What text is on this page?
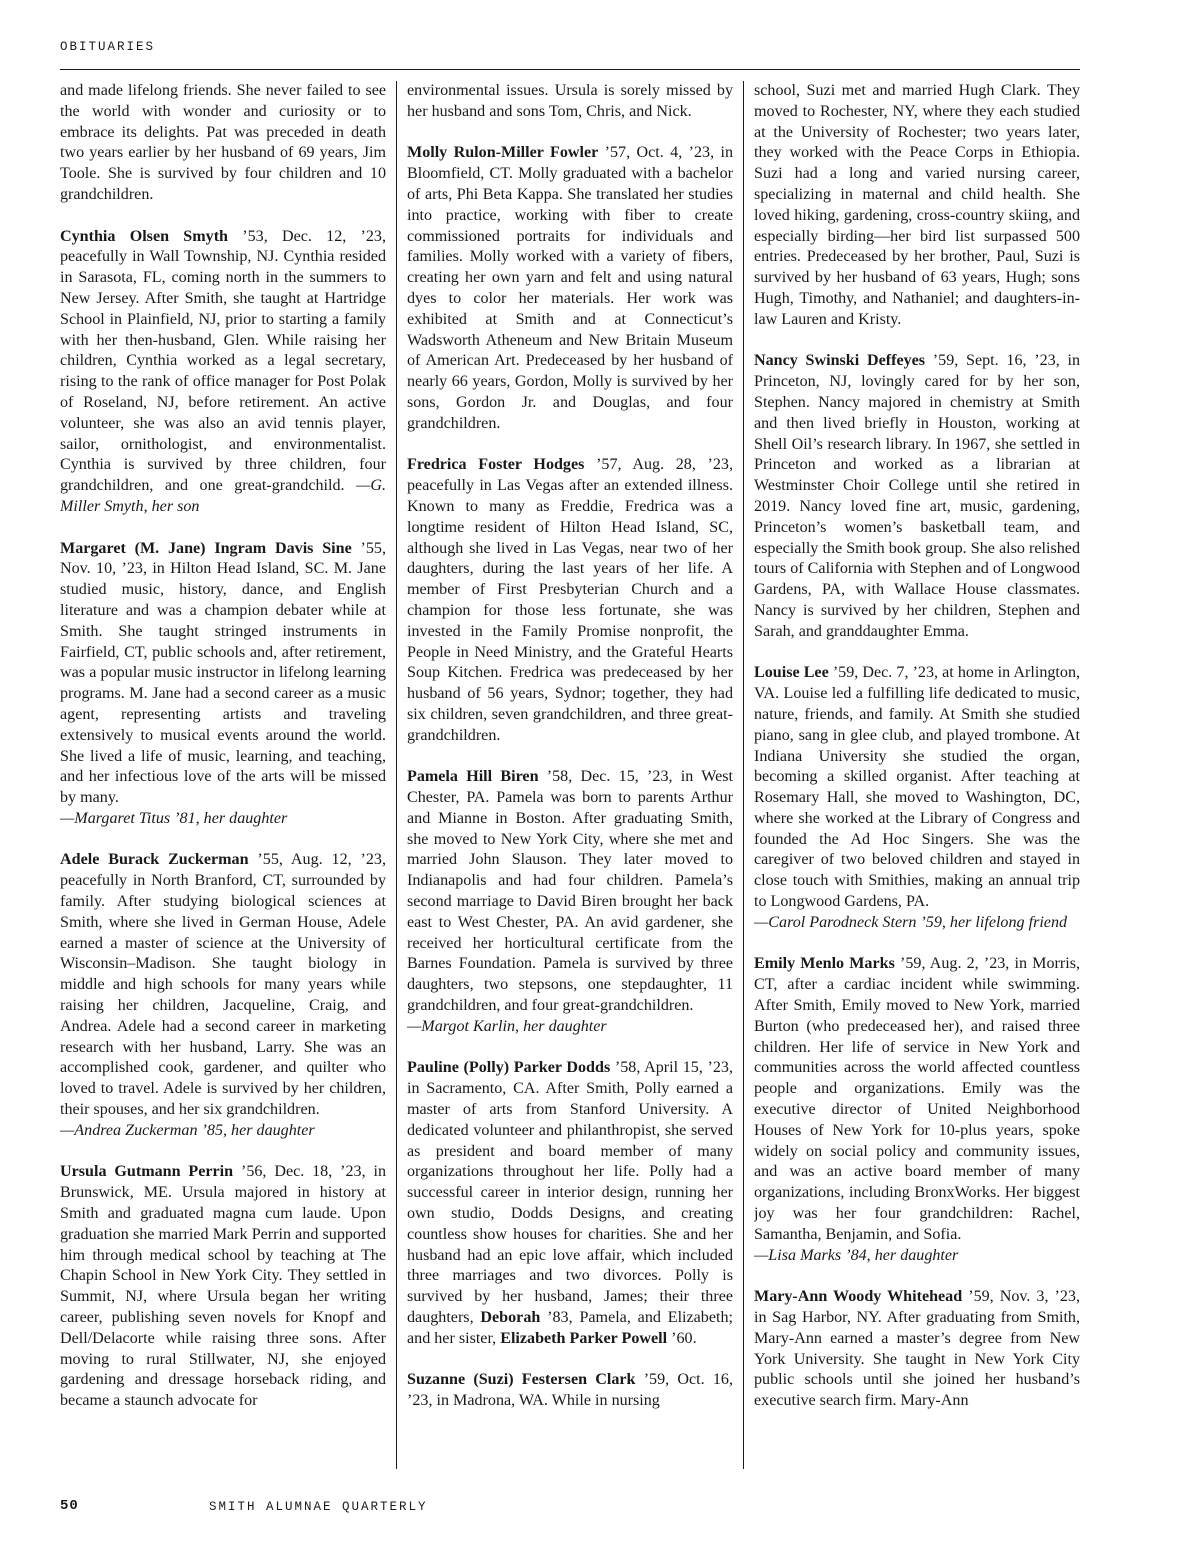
OBITUARIES

and made lifelong friends. She never failed to see the world with wonder and curiosity or to embrace its delights. Pat was preceded in death two years earlier by her husband of 69 years, Jim Toole. She is survived by four children and 10 grandchildren.

Cynthia Olsen Smyth ’53, Dec. 12, ’23, peacefully in Wall Township, NJ. Cynthia resided in Sarasota, FL, coming north in the summers to New Jersey. After Smith, she taught at Hartridge School in Plainfield, NJ, prior to starting a family with her then-husband, Glen. While raising her children, Cynthia worked as a legal secretary, rising to the rank of office manager for Post Polak of Roseland, NJ, before retirement. An active volunteer, she was also an avid tennis player, sailor, ornithologist, and environmentalist. Cynthia is survived by three children, four grandchildren, and one great-grandchild. —G. Miller Smyth, her son

Margaret (M. Jane) Ingram Davis Sine ’55, Nov. 10, ’23, in Hilton Head Island, SC. M. Jane studied music, history, dance, and English literature and was a champion debater while at Smith. She taught stringed instruments in Fairfield, CT, public schools and, after retirement, was a popular music instructor in lifelong learning programs. M. Jane had a second career as a music agent, representing artists and traveling extensively to musical events around the world. She lived a life of music, learning, and teaching, and her infectious love of the arts will be missed by many.
—Margaret Titus ’81, her daughter

Adele Burack Zuckerman ’55, Aug. 12, ’23, peacefully in North Branford, CT, surrounded by family. After studying biological sciences at Smith, where she lived in German House, Adele earned a master of science at the University of Wisconsin–Madison. She taught biology in middle and high schools for many years while raising her children, Jacqueline, Craig, and Andrea. Adele had a second career in marketing research with her husband, Larry. She was an accomplished cook, gardener, and quilter who loved to travel. Adele is survived by her children, their spouses, and her six grandchildren.
—Andrea Zuckerman ’85, her daughter

Ursula Gutmann Perrin ’56, Dec. 18, ’23, in Brunswick, ME. Ursula majored in history at Smith and graduated magna cum laude. Upon graduation she married Mark Perrin and supported him through medical school by teaching at The Chapin School in New York City. They settled in Summit, NJ, where Ursula began her writing career, publishing seven novels for Knopf and Dell/Delacorte while raising three sons. After moving to rural Stillwater, NJ, she enjoyed gardening and dressage horseback riding, and became a staunch advocate for

environmental issues. Ursula is sorely missed by her husband and sons Tom, Chris, and Nick.

Molly Rulon-Miller Fowler ’57, Oct. 4, ’23, in Bloomfield, CT. Molly graduated with a bachelor of arts, Phi Beta Kappa. She translated her studies into practice, working with fiber to create commissioned portraits for individuals and families. Molly worked with a variety of fibers, creating her own yarn and felt and using natural dyes to color her materials. Her work was exhibited at Smith and at Connecticut’s Wadsworth Atheneum and New Britain Museum of American Art. Predeceased by her husband of nearly 66 years, Gordon, Molly is survived by her sons, Gordon Jr. and Douglas, and four grandchildren.

Fredrica Foster Hodges ’57, Aug. 28, ’23, peacefully in Las Vegas after an extended illness. Known to many as Freddie, Fredrica was a longtime resident of Hilton Head Island, SC, although she lived in Las Vegas, near two of her daughters, during the last years of her life. A member of First Presbyterian Church and a champion for those less fortunate, she was invested in the Family Promise nonprofit, the People in Need Ministry, and the Grateful Hearts Soup Kitchen. Fredrica was predeceased by her husband of 56 years, Sydnor; together, they had six children, seven grandchildren, and three great-grandchildren.

Pamela Hill Biren ’58, Dec. 15, ’23, in West Chester, PA. Pamela was born to parents Arthur and Mianne in Boston. After graduating Smith, she moved to New York City, where she met and married John Slauson. They later moved to Indianapolis and had four children. Pamela’s second marriage to David Biren brought her back east to West Chester, PA. An avid gardener, she received her horticultural certificate from the Barnes Foundation. Pamela is survived by three daughters, two stepsons, one stepdaughter, 11 grandchildren, and four great-grandchildren.
—Margot Karlin, her daughter

Pauline (Polly) Parker Dodds ’58, April 15, ’23, in Sacramento, CA. After Smith, Polly earned a master of arts from Stanford University. A dedicated volunteer and philanthropist, she served as president and board member of many organizations throughout her life. Polly had a successful career in interior design, running her own studio, Dodds Designs, and creating countless show houses for charities. She and her husband had an epic love affair, which included three marriages and two divorces. Polly is survived by her husband, James; their three daughters, Deborah ’83, Pamela, and Elizabeth; and her sister, Elizabeth Parker Powell ’60.

Suzanne (Suzi) Festersen Clark ’59, Oct. 16, ’23, in Madrona, WA. While in nursing

school, Suzi met and married Hugh Clark. They moved to Rochester, NY, where they each studied at the University of Rochester; two years later, they worked with the Peace Corps in Ethiopia. Suzi had a long and varied nursing career, specializing in maternal and child health. She loved hiking, gardening, cross-country skiing, and especially birding—her bird list surpassed 500 entries. Predeceased by her brother, Paul, Suzi is survived by her husband of 63 years, Hugh; sons Hugh, Timothy, and Nathaniel; and daughters-in-law Lauren and Kristy.

Nancy Swinski Deffeyes ’59, Sept. 16, ’23, in Princeton, NJ, lovingly cared for by her son, Stephen. Nancy majored in chemistry at Smith and then lived briefly in Houston, working at Shell Oil’s research library. In 1967, she settled in Princeton and worked as a librarian at Westminster Choir College until she retired in 2019. Nancy loved fine art, music, gardening, Princeton’s women’s basketball team, and especially the Smith book group. She also relished tours of California with Stephen and of Longwood Gardens, PA, with Wallace House classmates. Nancy is survived by her children, Stephen and Sarah, and granddaughter Emma.

Louise Lee ’59, Dec. 7, ’23, at home in Arlington, VA. Louise led a fulfilling life dedicated to music, nature, friends, and family. At Smith she studied piano, sang in glee club, and played trombone. At Indiana University she studied the organ, becoming a skilled organist. After teaching at Rosemary Hall, she moved to Washington, DC, where she worked at the Library of Congress and founded the Ad Hoc Singers. She was the caregiver of two beloved children and stayed in close touch with Smithies, making an annual trip to Longwood Gardens, PA.
—Carol Parodneck Stern ’59, her lifelong friend

Emily Menlo Marks ’59, Aug. 2, ’23, in Morris, CT, after a cardiac incident while swimming. After Smith, Emily moved to New York, married Burton (who predeceased her), and raised three children. Her life of service in New York and communities across the world affected countless people and organizations. Emily was the executive director of United Neighborhood Houses of New York for 10-plus years, spoke widely on social policy and community issues, and was an active board member of many organizations, including BronxWorks. Her biggest joy was her four grandchildren: Rachel, Samantha, Benjamin, and Sofia.
—Lisa Marks ’84, her daughter

Mary-Ann Woody Whitehead ’59, Nov. 3, ’23, in Sag Harbor, NY. After graduating from Smith, Mary-Ann earned a master’s degree from New York University. She taught in New York City public schools until she joined her husband’s executive search firm. Mary-Ann

50	SMITH ALUMNAE QUARTERLY
